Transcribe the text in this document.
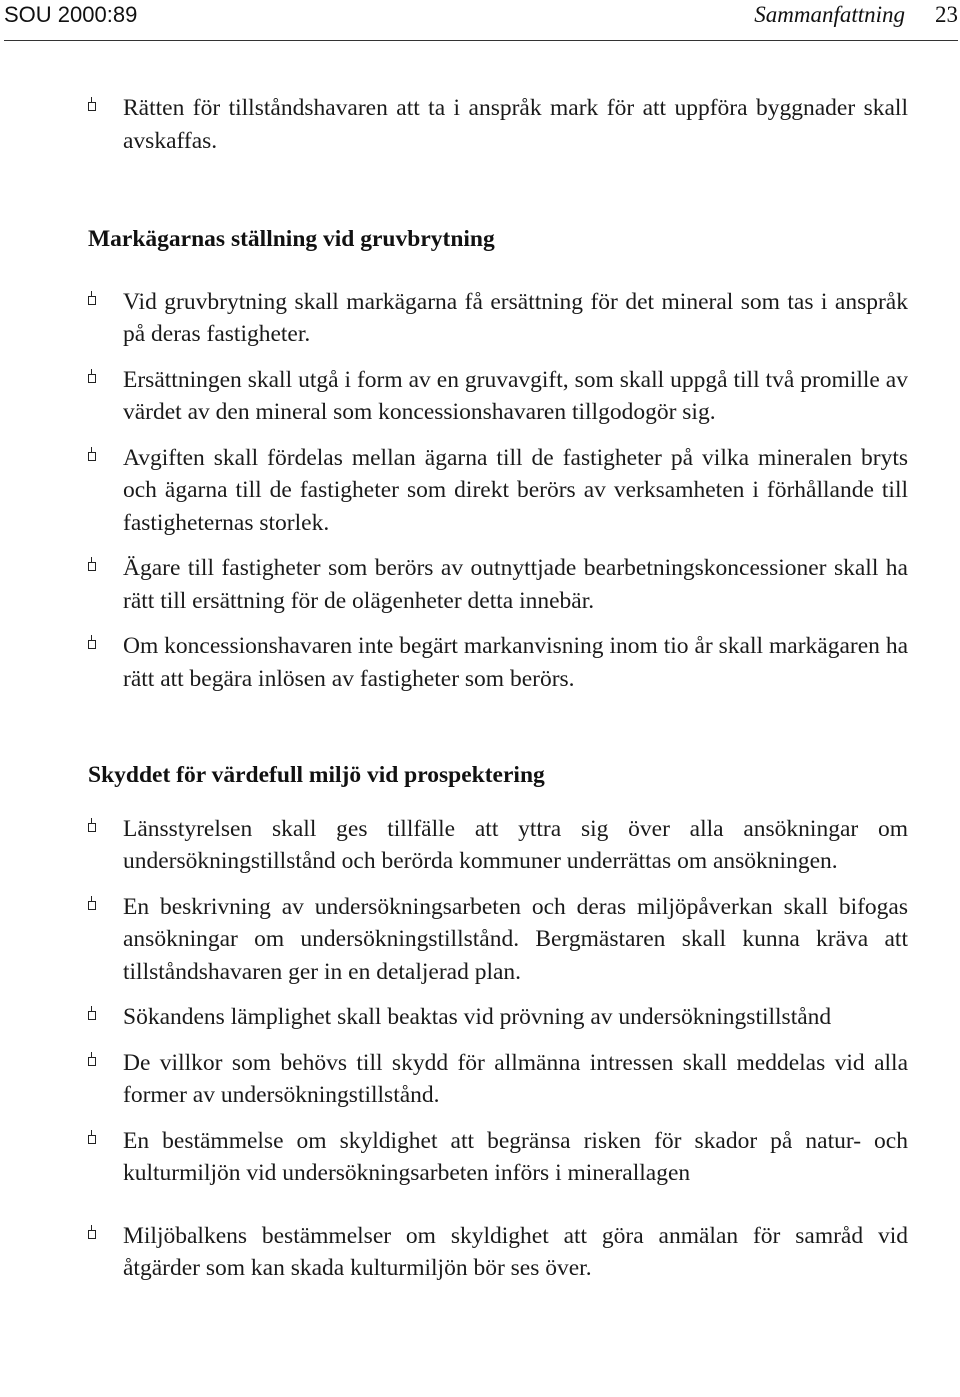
SOU 2000:89	Sammanfattning 23
Rätten för tillståndshavaren att ta i anspråk mark för att uppföra byggnader skall avskaffas.
Markägarnas ställning vid gruvbrytning
Vid gruvbrytning skall markägarna få ersättning för det mineral som tas i anspråk på deras fastigheter.
Ersättningen skall utgå i form av en gruvavgift, som skall uppgå till två promille av värdet av den mineral som koncessionshavaren tillgodogör sig.
Avgiften skall fördelas mellan ägarna till de fastigheter på vilka mineralen bryts och ägarna till de fastigheter som direkt berörs av verksamheten i förhållande till fastigheternas storlek.
Ägare till fastigheter som berörs av outnyttjade bearbetningskoncessioner skall ha rätt till ersättning för de olägenheter detta innebär.
Om koncessionshavaren inte begärt markanvisning inom tio år skall markägaren ha rätt att begära inlösen av fastigheter som berörs.
Skyddet för värdefull miljö vid prospektering
Länsstyrelsen skall ges tillfälle att yttra sig över alla ansökningar om undersökningstillstånd och berörda kommuner underrättas om ansökningen.
En beskrivning av undersökningsarbeten och deras miljöpåverkan skall bifogas ansökningar om undersökningstillstånd. Bergmästaren skall kunna kräva att tillståndshavaren ger in en detaljerad plan.
Sökandens lämplighet skall beaktas vid prövning av undersökningstillstånd
De villkor som behövs till skydd för allmänna intressen skall meddelas vid alla former av undersökningstillstånd.
En bestämmelse om skyldighet att begränsa risken för skador på natur- och kulturmiljön vid undersökningsarbeten införs i minerallagen
Miljöbalkens bestämmelser om skyldighet att göra anmälan för samråd vid åtgärder som kan skada kulturmiljön bör ses över.
